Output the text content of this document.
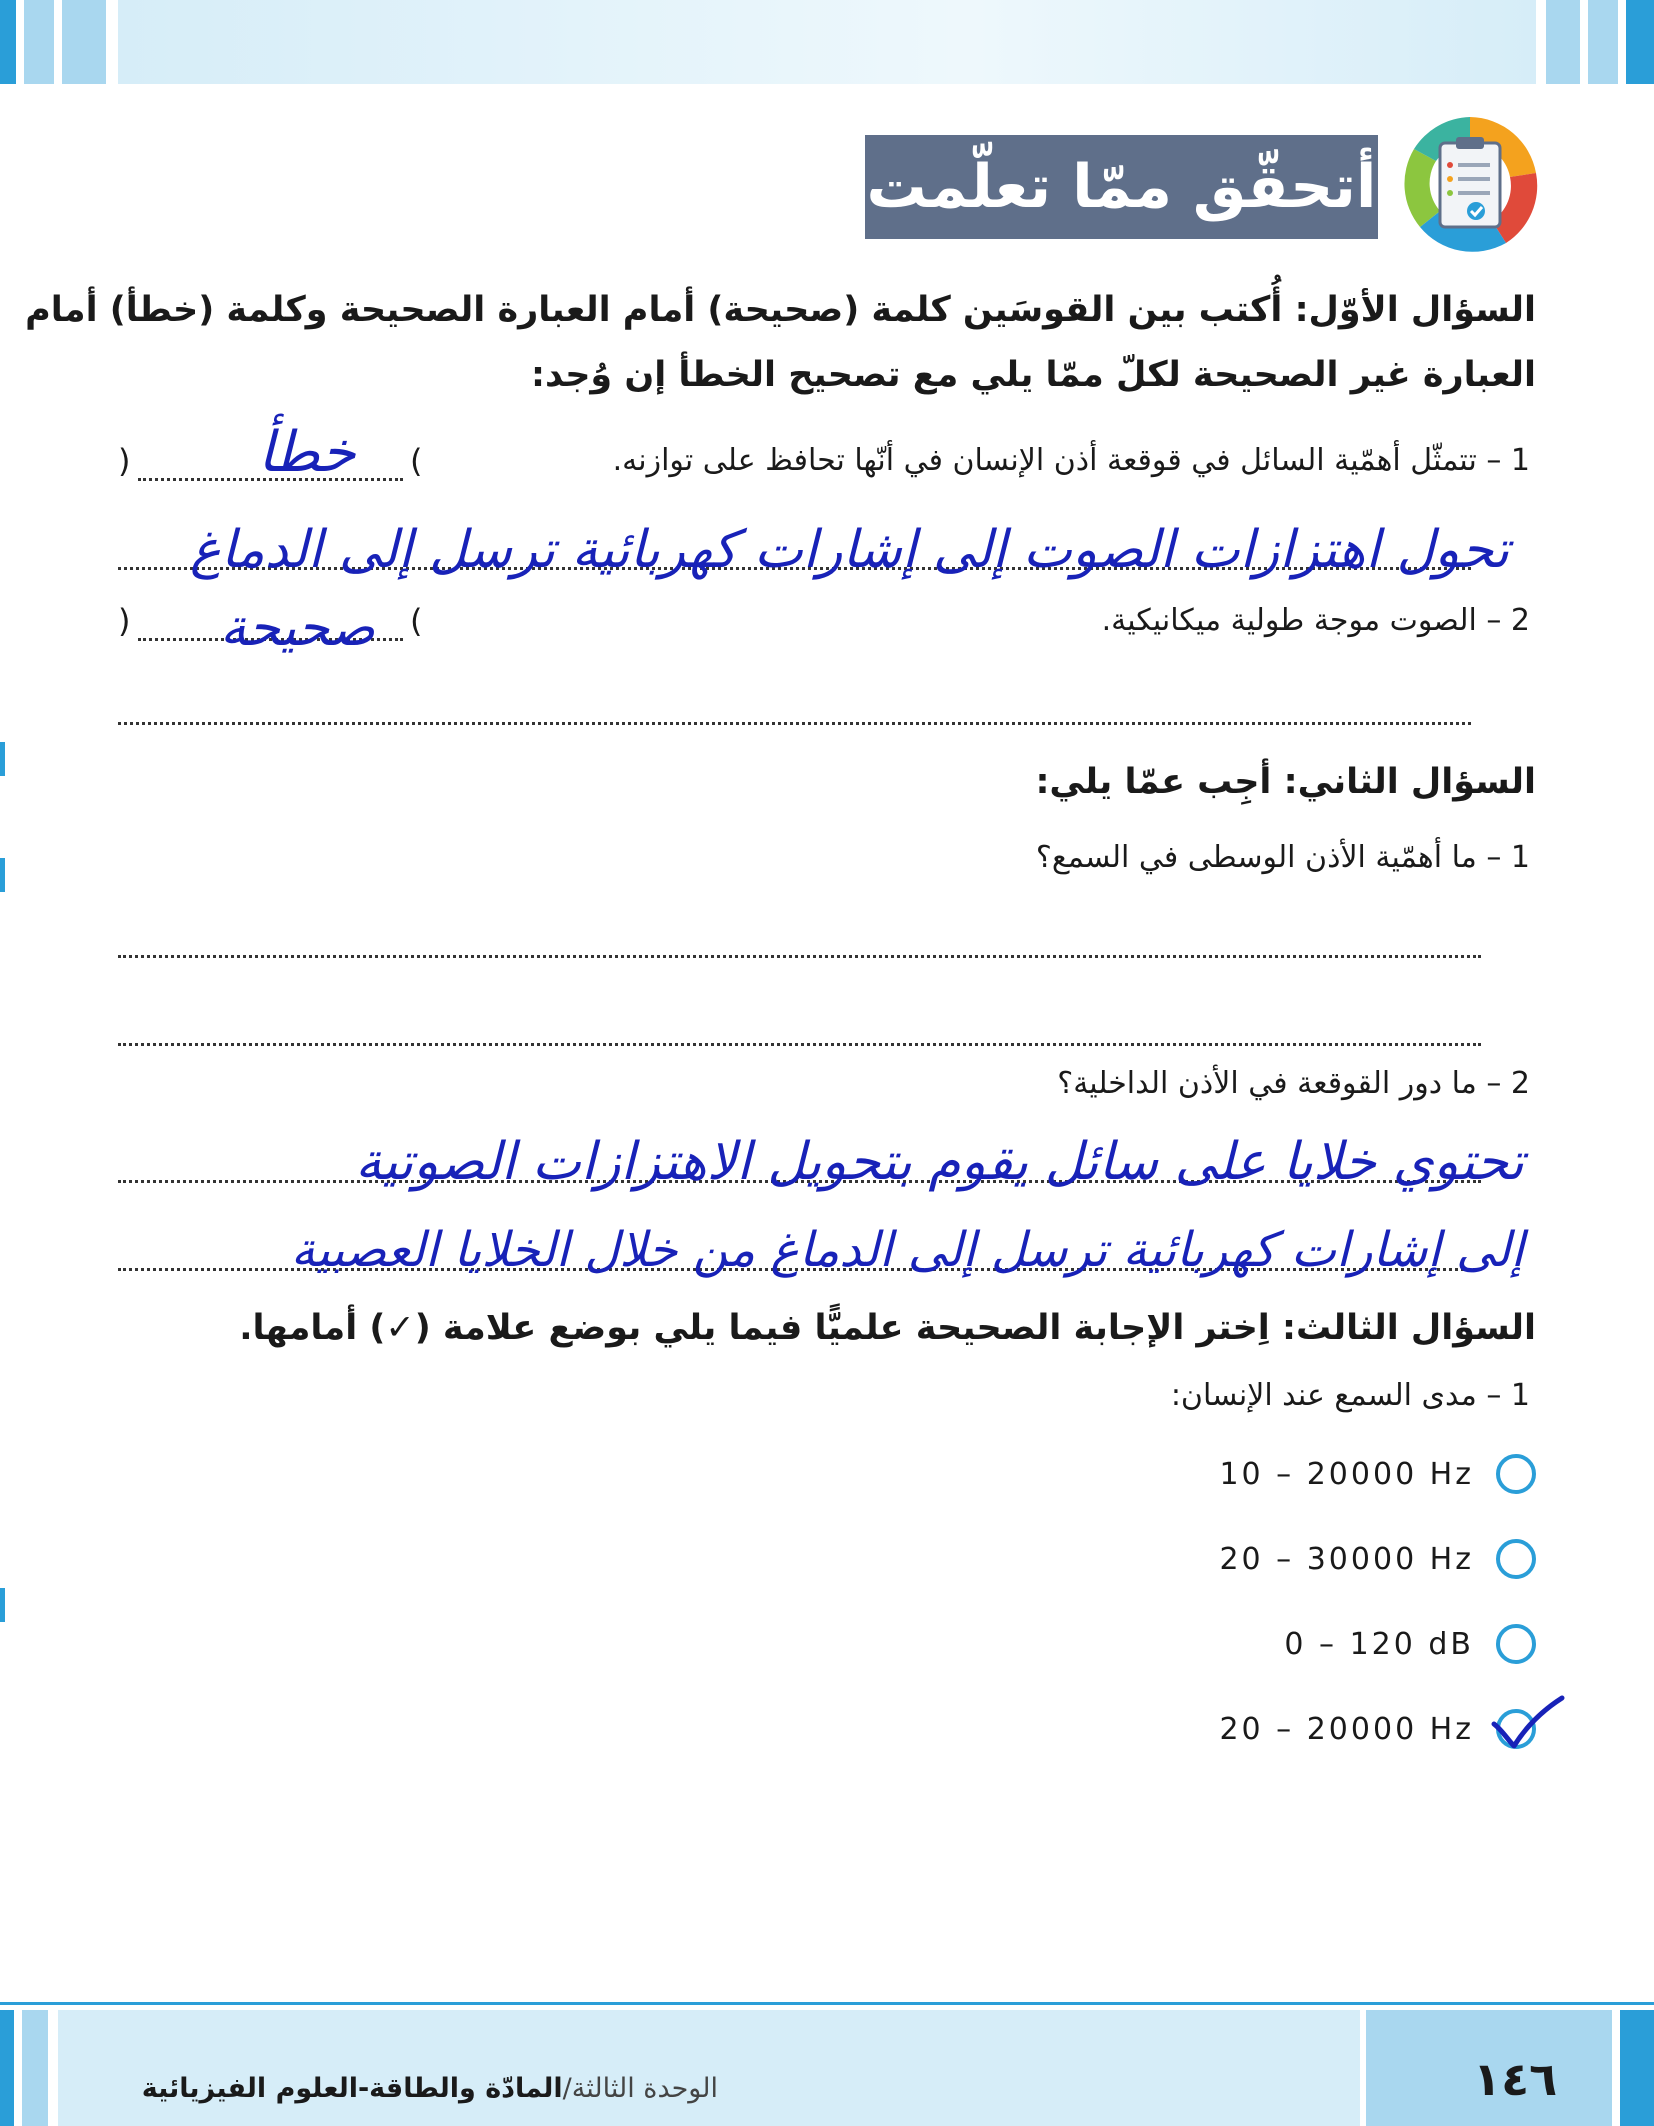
أتحقّق ممّا تعلّمت
السؤال الأوّل: أُكتب بين القوسَين كلمة (صحيحة) أمام العبارة الصحيحة وكلمة (خطأ) أمام
العبارة غير الصحيحة لكلّ ممّا يلي مع تصحيح الخطأ إن وُجد:
1 – تتمثّل أهمّية السائل في قوقعة أذن الإنسان في أنّها تحافظ على توازنه.
(
) خطأ
تحول اهتزازات الصوت إلى إشارات كهربائية ترسل إلى الدماغ
2 – الصوت موجة طولية ميكانيكية.
(
) صحيحة
السؤال الثاني: أجِب عمّا يلي:
1 – ما أهمّية الأذن الوسطى في السمع؟
2 – ما دور القوقعة في الأذن الداخلية؟
تحتوي خلايا على سائل يقوم بتحويل الاهتزازات الصوتية
إلى إشارات كهربائية ترسل إلى الدماغ من خلال الخلايا العصبية
السؤال الثالث: اِختر الإجابة الصحيحة علميًّا فيما يلي بوضع علامة (✓) أمامها.
1 – مدى السمع عند الإنسان:
10 – 20000 Hz
20 – 30000 Hz
0 – 120 dB
20 – 20000 Hz
الوحدة الثالثة/المادّة والطاقة-العلوم الفيزيائية	١٤٦
